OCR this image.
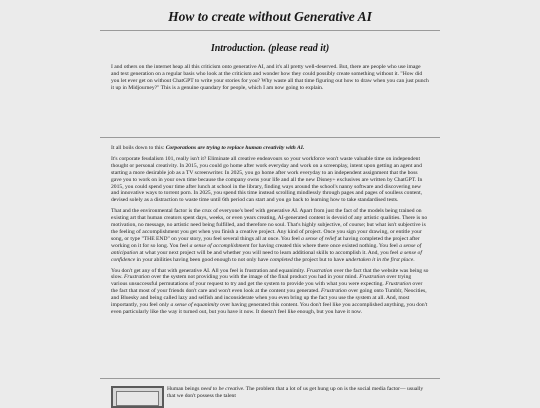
How to create without Generative AI
Introduction. (please read it)

I and others on the internet heap all this criticism onto generative AI, and it's all pretty well-deserved. But, there are people who use image and text generation on a regular basis who look at the criticism and wonder how they could possibly create something without it. "How did you let ever get on without ChatGPT to write your stories for you? Why waste all that time figuring out how to draw when you can just punch it up in Midjourney?" This is a genuine quandary for people, which I am now going to explain.

It all boils down to this: Corporations are trying to replace human creativity with AI.

It's corporate feudalism 101, really isn't it? Eliminate all creative endeavours so your workforce won't waste valuable time on independent thought or personal creativity. In 2015, you could go home after work everyday and work on a screenplay, intent upon getting an agent and starting a more desirable job as a TV screenwriter. In 2025, you go home after work everyday to an independent assignment that the boss gave you to work on in your own time because the company owns your life and all the new Disney+ exclusives are written by ChatGPT. In 2015, you could spend your time after lunch at school in the library, finding ways around the school's nanny software and discovering new and innovative ways to torrent porn. In 2025, you spend this time instead scrolling mindlessly through pages and pages of soulless content, devised solely as a distraction to waste time until 6th period can start and you go back to learning how to take standardised tests.

That and the environmental factor is the crux of everyone's beef with generative AI. Apart from just the fact of the models being trained on existing art that human creators spent days, weeks, or even years creating, AI-generated content is devoid of any artistic qualities. There is no motivation, no message, no artistic need being fulfilled, and therefore no soul. That's highly subjective, of course; but what isn't subjective is the feeling of accomplishment you get when you finish a creative project. Any kind of project. Once you sign your drawing, or entitle your song, or type "THE END" on your story, you feel several things all at once. You feel a sense of relief at having completed the project after working on it for so long. You feel a sense of accomplishment for having created this where there once existed nothing. You feel a sense of anticipation at what your next project will be and whether you will need to learn additional skills to accomplish it. And, you feel a sense of confidence in your abilities having been good enough to not only have completed the project but to have undertaken it in the first place.

You don't get any of that with generative AI. All you feel is frustration and equanimity. Frustration over the fact that the website was being so slow. Frustration over the system not providing you with the image of the final product you had in your mind. Frustration over trying various unsuccessful permutations of your request to try and get the system to provide you with what you were expecting. Frustration over the fact that most of your friends don't care and won't even look at the content you generated. Frustration over going onto Tumblr, Neocities, and Bluesky and being called lazy and selfish and inconsiderate when you even bring up the fact you use the system at all. And, most importantly, you feel only a sense of equanimity over having generated this content. You don't feel like you accomplished anything, you don't even particularly like the way it turned out, but you have it now. It doesn't feel like enough, but you have it now.

Human beings need to be creative. The problem that a lot of us get hung up on is the social media factor— usually that we don't possess the talent
